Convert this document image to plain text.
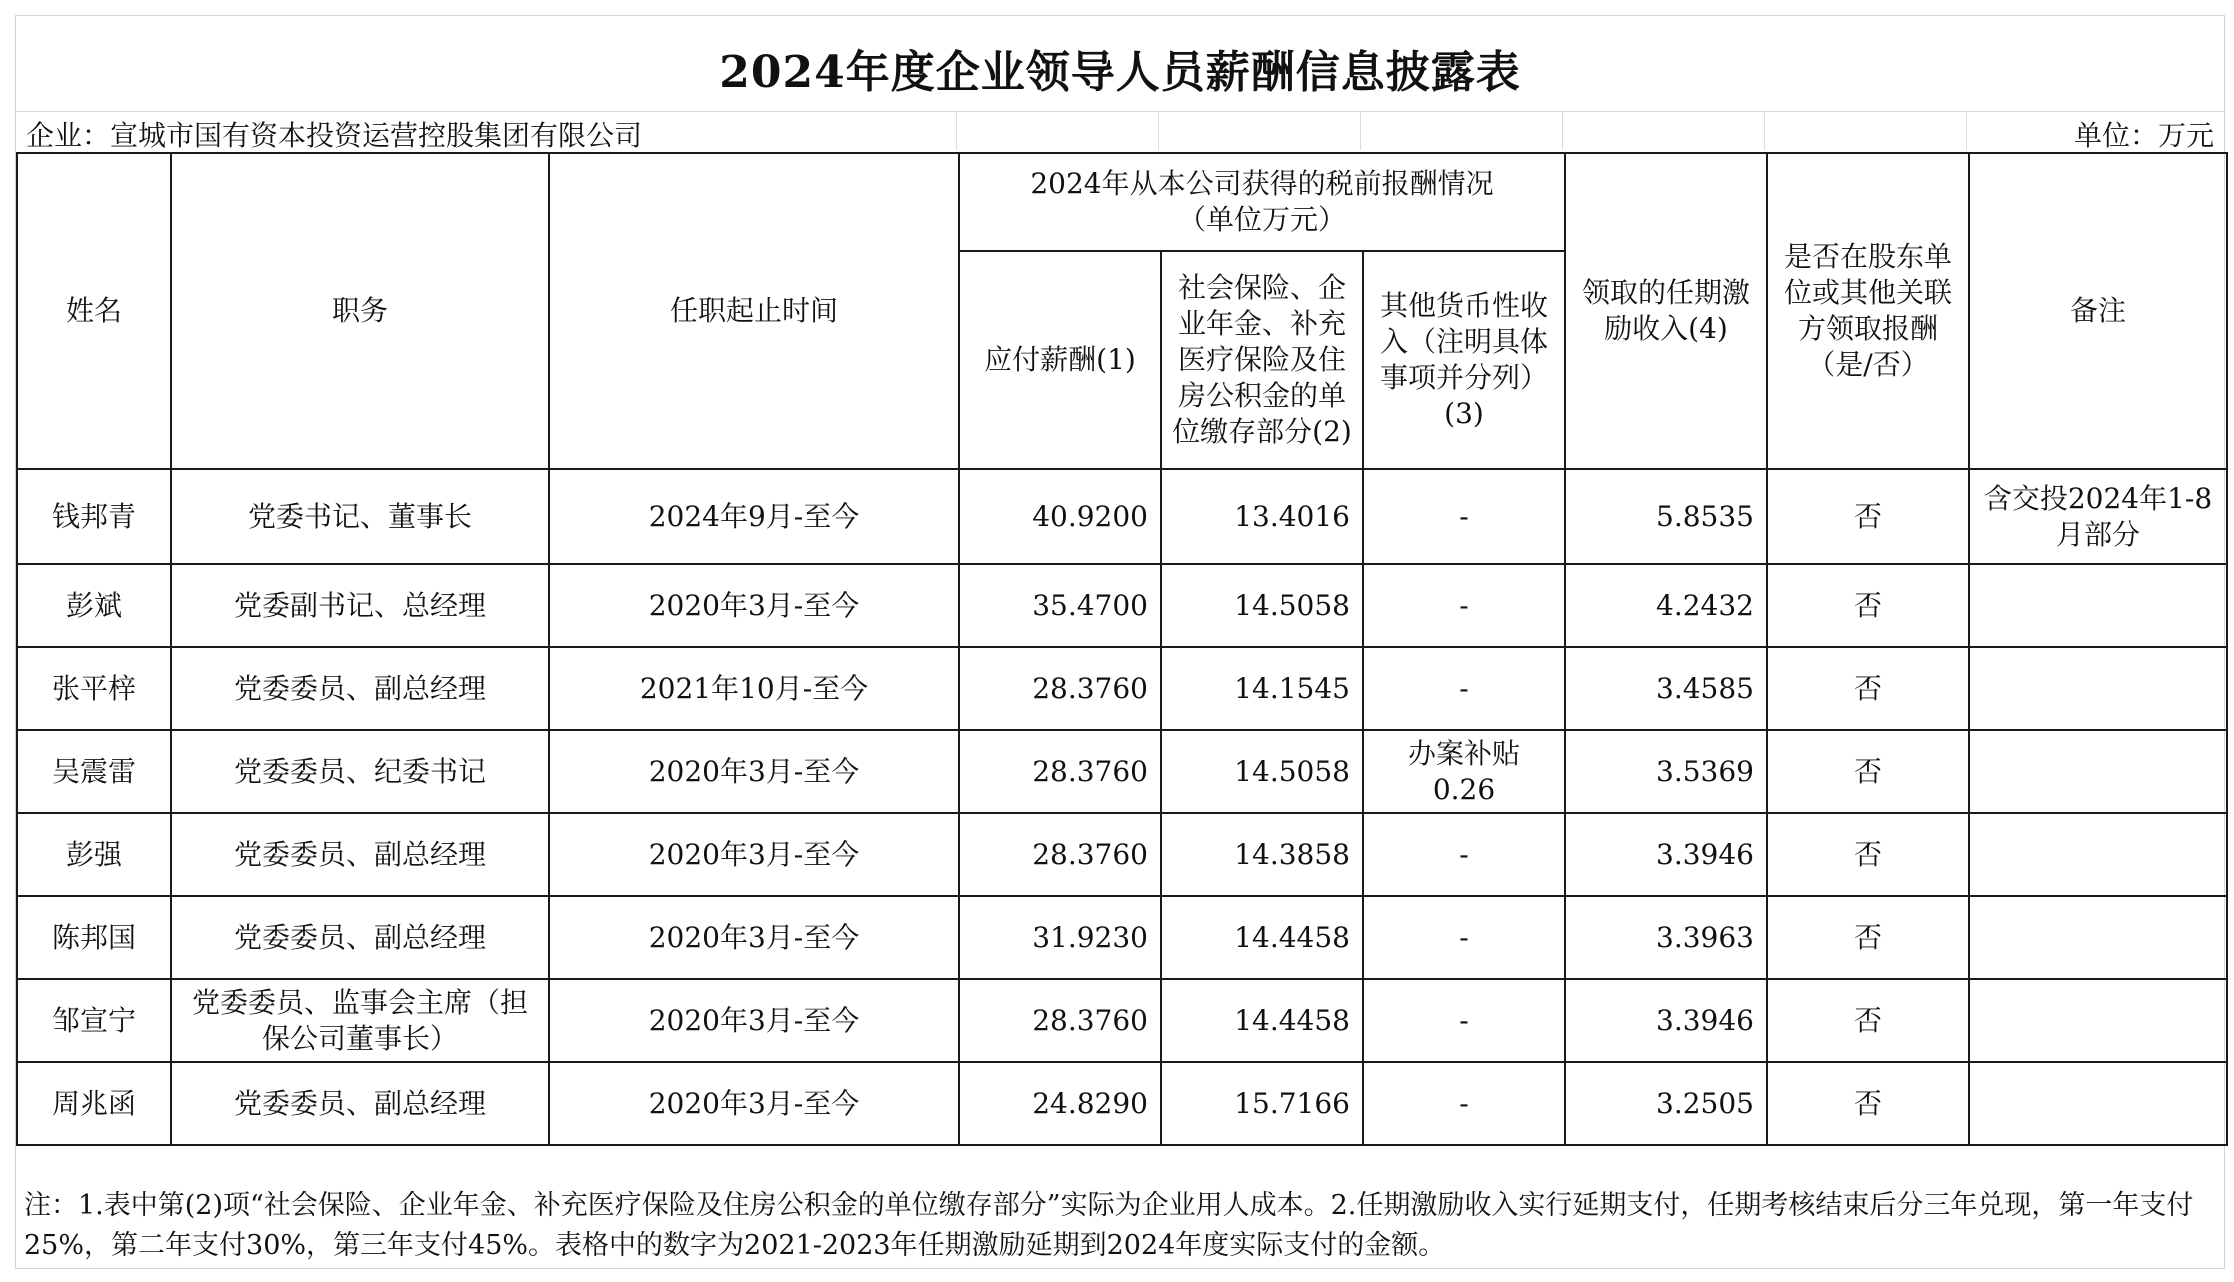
2024年度企业领导人员薪酬信息披露表
企业：宣城市国有资本投资运营控股集团有限公司	单位：万元
姓名	职务	任职起止时间	2024年从本公司获得的税前报酬情况（单位万元）			领取的任期激励收入(4)	是否在股东单位或其他关联方领取报酬（是/否）	备注
			应付薪酬(1)	社会保险、企业年金、补充医疗保险及住房公积金的单位缴存部分(2)	其他货币性收入（注明具体事项并分列）(3)			
钱邦青	党委书记、董事长	2024年9月-至今	40.9200	13.4016	-	5.8535	否	含交投2024年1-8月部分
彭斌	党委副书记、总经理	2020年3月-至今	35.4700	14.5058	-	4.2432	否	
张平梓	党委委员、副总经理	2021年10月-至今	28.3760	14.1545	-	3.4585	否	
吴震雷	党委委员、纪委书记	2020年3月-至今	28.3760	14.5058	办案补贴0.26	3.5369	否	
彭强	党委委员、副总经理	2020年3月-至今	28.3760	14.3858	-	3.3946	否	
陈邦国	党委委员、副总经理	2020年3月-至今	31.9230	14.4458	-	3.3963	否	
邹宣宁	党委委员、监事会主席（担保公司董事长）	2020年3月-至今	28.3760	14.4458	-	3.3946	否	
周兆函	党委委员、副总经理	2020年3月-至今	24.8290	15.7166	-	3.2505	否	
注：1.表中第(2)项“社会保险、企业年金、补充医疗保险及住房公积金的单位缴存部分”实际为企业用人成本。2.任期激励收入实行延期支付，任期考核结束后分三年兑现，第一年支付25%，第二年支付30%，第三年支付45%。表格中的数字为2021-2023年任期激励延期到2024年度实际支付的金额。
